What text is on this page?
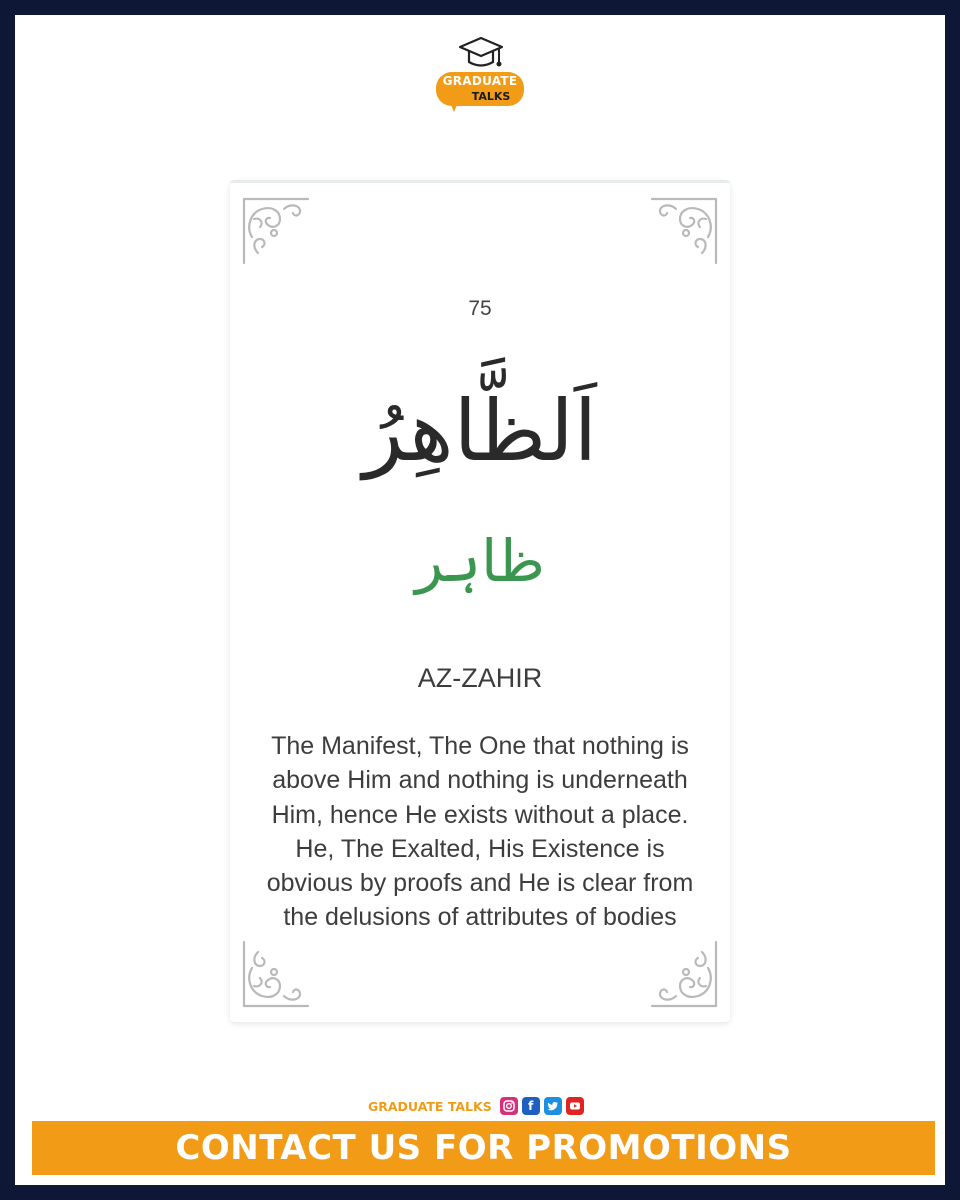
GRADUATE
TALKS
75
اَلظَّاهِرُ
ظاہر
AZ-ZAHIR
The Manifest, The One that nothing is above Him and nothing is underneath Him, hence He exists without a place. He, The Exalted, His Existence is obvious by proofs and He is clear from the delusions of attributes of bodies
GRADUATE TALKS	f
CONTACT US FOR PROMOTIONS
